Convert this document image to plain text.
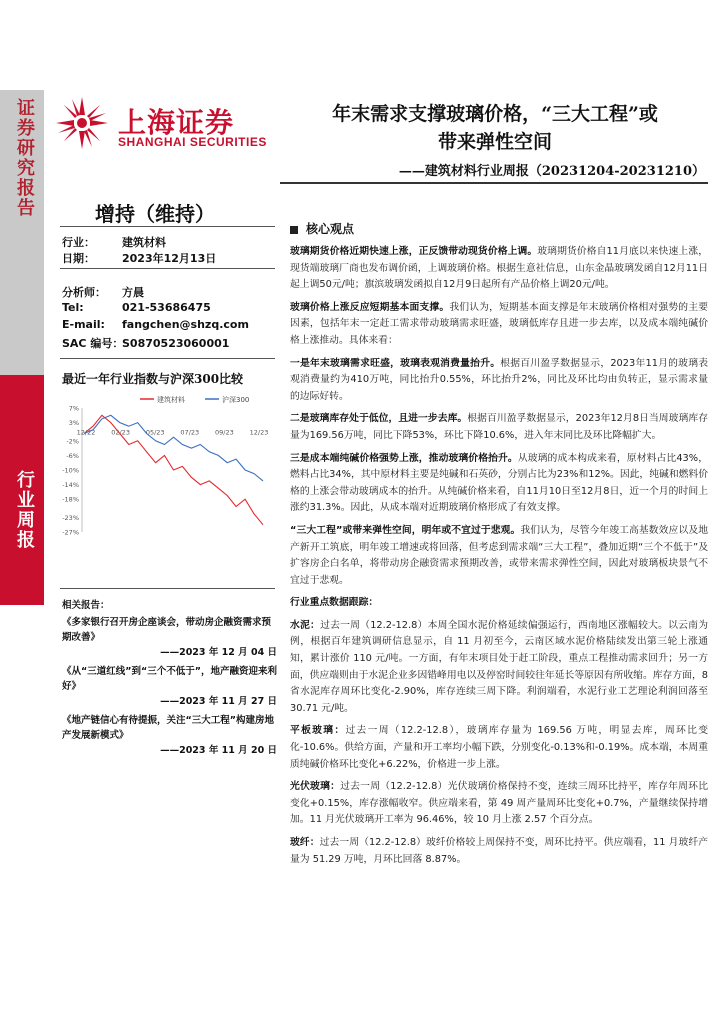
证券研究报告
行业周报
上海证券
SHANGHAI SECURITIES
年末需求支撑玻璃价格，“三大工程”或
带来弹性空间
——建筑材料行业周报（20231204-20231210）
增持（维持）
行业： 建筑材料
日期： 2023年12月13日
分析师： 方晨
Tel:	021-53686475
E-mail: fangchen@shzq.com
SAC 编号：S0870523060001
最近一年行业指数与沪深300比较
建筑材料	沪深300
7%
3%
-2%
-6%
-10%
-14%
-18%
-23%
-27%
12/22 02/23 05/23 07/23 09/23 12/23
相关报告：
《多家银行召开房企座谈会，带动房企融资需求预期改善》
——2023 年 12 月 04 日
《从“三道红线”到“三个不低于”，地产融资迎来利好》
——2023 年 11 月 27 日
《地产链信心有待提振，关注“三大工程”构建房地产发展新模式》
——2023 年 11 月 20 日
核心观点

玻璃期货价格近期快速上涨，正反馈带动现货价格上调。玻璃期货价格自11月底以来快速上涨，现货端玻璃厂商也发布调价函，上调玻璃价格。根据生意社信息，山东金晶玻璃发函自12月11日起上调50元/吨；旗滨玻璃发函拟自12月9日起所有产品价格上调20元/吨。

玻璃价格上涨反应短期基本面支撑。我们认为，短期基本面支撑是年末玻璃价格相对强势的主要因素，包括年末一定赶工需求带动玻璃需求旺盛，玻璃低库存且进一步去库，以及成本端纯碱价格上涨推动。具体来看：

一是年末玻璃需求旺盛，玻璃表观消费量抬升。根据百川盈孚数据显示，2023年11月的玻璃表观消费量约为410万吨，同比抬升0.55%，环比抬升2%，同比及环比均由负转正，显示需求量的边际好转。

二是玻璃库存处于低位，且进一步去库。根据百川盈孚数据显示，2023年12月8日当周玻璃库存量为169.56万吨，同比下降53%，环比下降10.6%，进入年末同比及环比降幅扩大。

三是成本端纯碱价格强势上涨，推动玻璃价格抬升。从玻璃的成本构成来看，原材料占比43%，燃料占比34%，其中原材料主要是纯碱和石英砂，分别占比为23%和12%。因此，纯碱和燃料价格的上涨会带动玻璃成本的抬升。从纯碱价格来看，自11月10日至12月8日，近一个月的时间上涨约31.3%。因此，从成本端对近期玻璃价格形成了有效支撑。

“三大工程”或带来弹性空间，明年或不宜过于悲观。我们认为，尽管今年竣工高基数效应以及地产新开工筑底，明年竣工增速或将回落，但考虑到需求端“三大工程”，叠加近期“三个不低于”及扩容房企白名单，将带动房企融资需求预期改善，或带来需求弹性空间，因此对玻璃板块景气不宜过于悲观。

行业重点数据跟踪：

水泥：过去一周（12.2-12.8）本周全国水泥价格延续偏强运行，西南地区涨幅较大。以云南为例，根据百年建筑调研信息显示，自 11 月初至今，云南区域水泥价格陆续发出第三轮上涨通知，累计涨价 110 元/吨。一方面，有年末项目处于赶工阶段，重点工程推动需求回升；另一方面，供应端则由于水泥企业多因错峰用电以及停窑时间较往年延长等原因有所收缩。库存方面，8 省水泥库存周环比变化-2.90%，库存连续三周下降。利润端看，水泥行业工艺理论利润回落至 30.71 元/吨。

平板玻璃：过去一周（12.2-12.8），玻璃库存量为 169.56 万吨，明显去库，周环比变化-10.6%。供给方面，产量和开工率均小幅下跌，分别变化-0.13%和-0.19%。成本端，本周重质纯碱价格环比变化+6.22%，价格进一步上涨。

光伏玻璃：过去一周（12.2-12.8）光伏玻璃价格保持不变，连续三周环比持平，库存年周环比变化+0.15%，库存涨幅收窄。供应端来看，第 49 周产量周环比变化+0.7%，产量继续保持增加。11 月光伏玻璃开工率为 96.46%，较 10 月上涨 2.57 个百分点。

玻纤：过去一周（12.2-12.8）玻纤价格较上周保持不变，周环比持平。供应端看，11 月玻纤产量为 51.29 万吨，月环比回落 8.87%。
